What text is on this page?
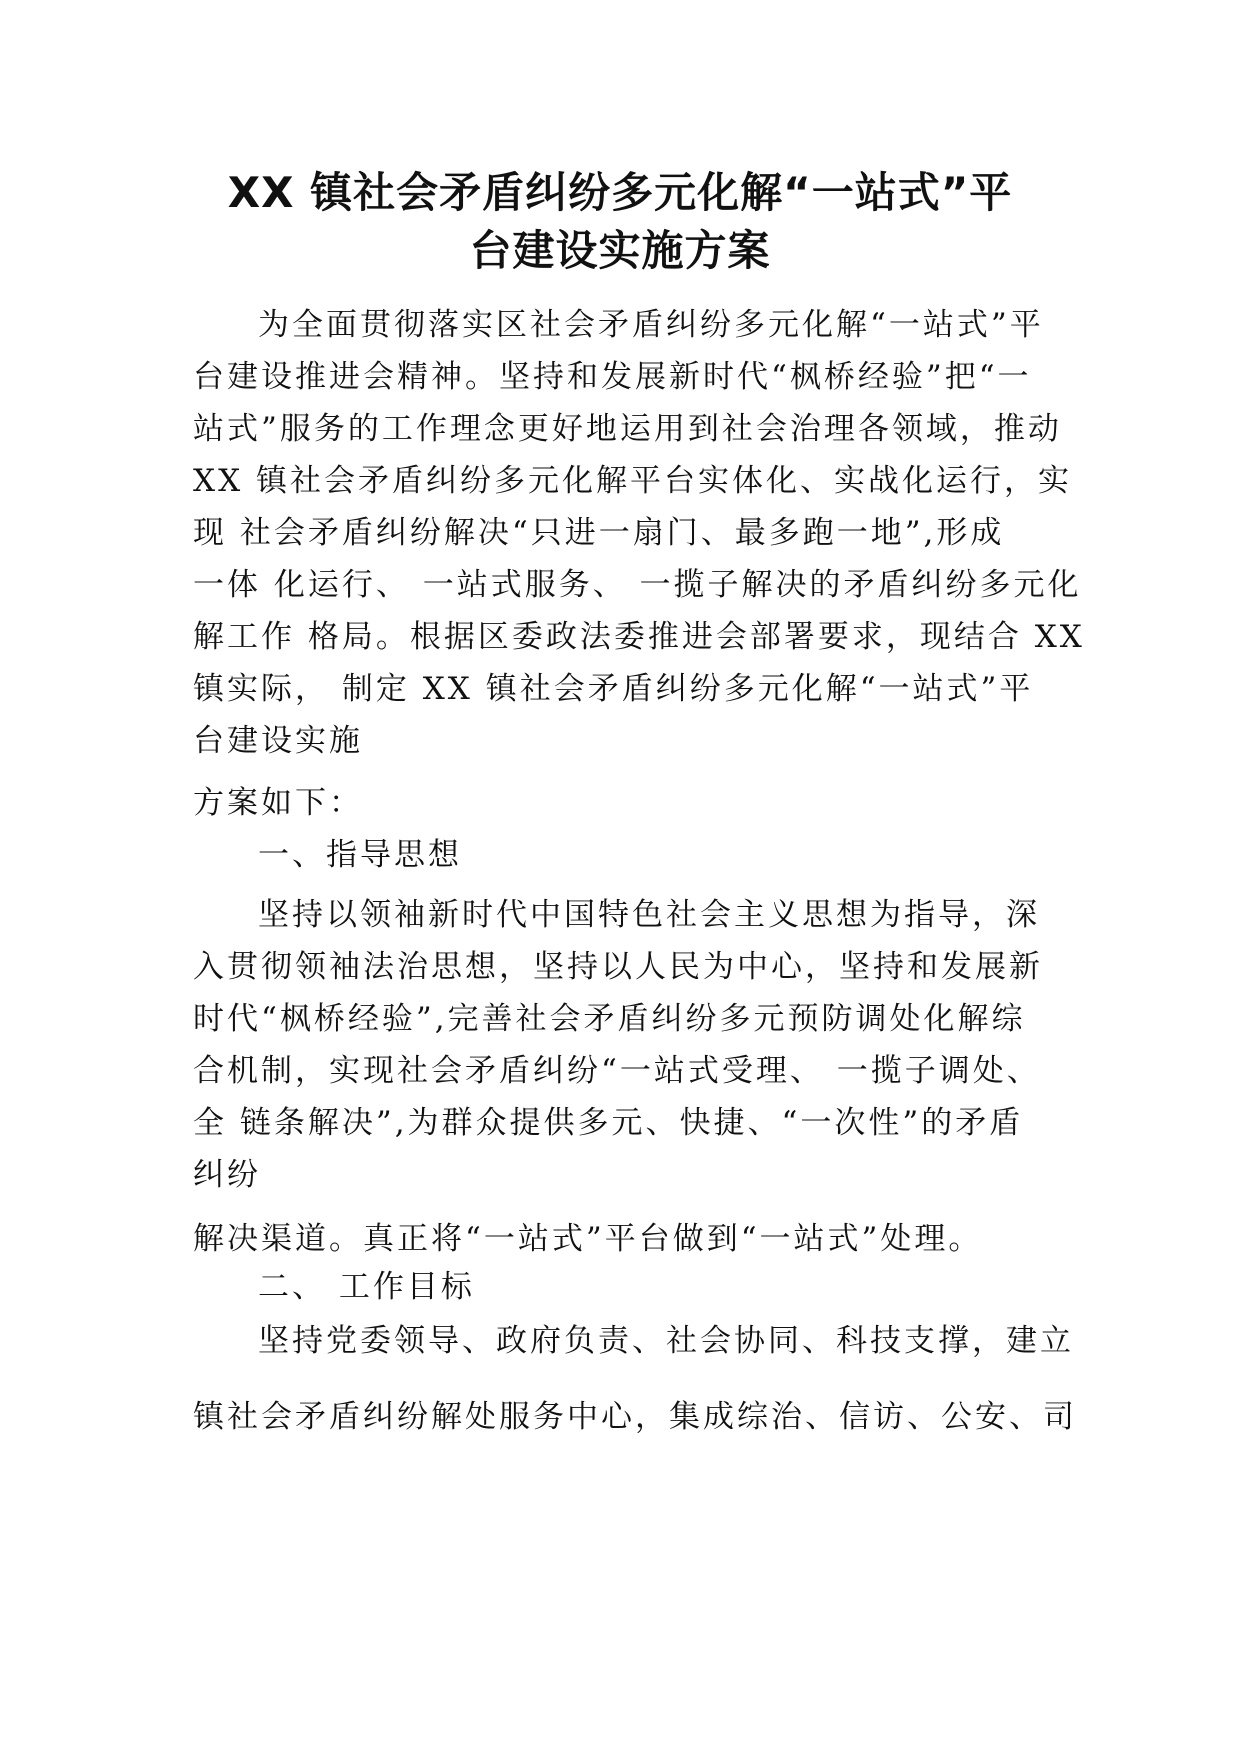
XX 镇社会矛盾纠纷多元化解“一站式”平
台建设实施方案
为全面贯彻落实区社会矛盾纠纷多元化解“一站式”平
台建设推进会精神。坚持和发展新时代“枫桥经验”把“一
站式”服务的工作理念更好地运用到社会治理各领域，推动
XX 镇社会矛盾纠纷多元化解平台实体化、实战化运行，实
现 社会矛盾纠纷解决“只进一扇门、最多跑一地”,形成
一体 化运行、 一站式服务、 一揽子解决的矛盾纠纷多元化
解工作 格局。根据区委政法委推进会部署要求，现结合 XX
镇实际， 制定 XX 镇社会矛盾纠纷多元化解“一站式”平
台建设实施
方案如下：
一、指导思想
坚持以领袖新时代中国特色社会主义思想为指导，深
入贯彻领袖法治思想，坚持以人民为中心，坚持和发展新
时代“枫桥经验”,完善社会矛盾纠纷多元预防调处化解综
合机制，实现社会矛盾纠纷“一站式受理、 一揽子调处、
全 链条解决”,为群众提供多元、快捷、“一次性”的矛盾
纠纷
解决渠道。真正将“一站式”平台做到“一站式”处理。
二、 工作目标
坚持党委领导、政府负责、社会协同、科技支撑，建立
镇社会矛盾纠纷解处服务中心，集成综治、信访、公安、司
